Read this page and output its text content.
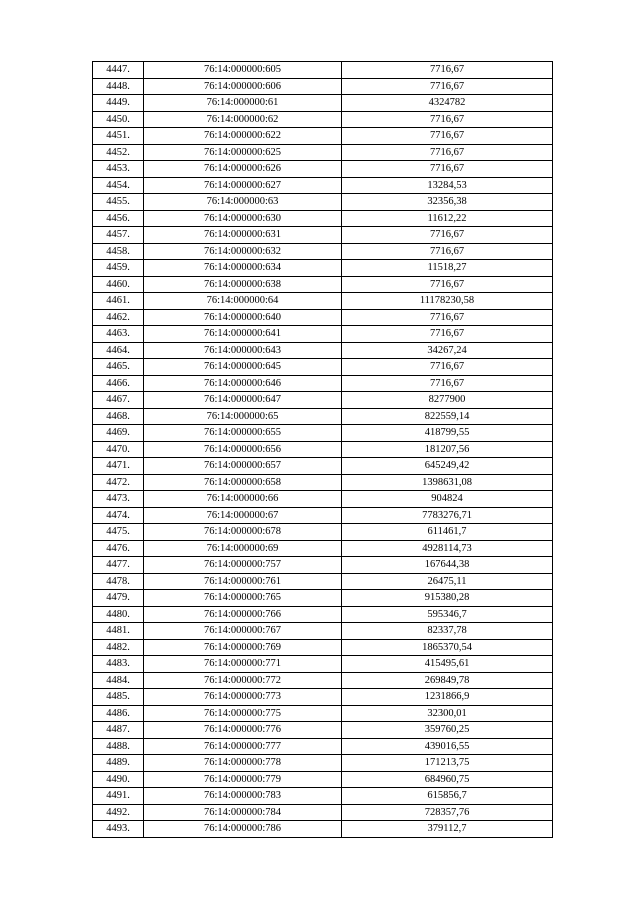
4447.	76:14:000000:605	7716,67
4448.	76:14:000000:606	7716,67
4449.	76:14:000000:61	4324782
4450.	76:14:000000:62	7716,67
4451.	76:14:000000:622	7716,67
4452.	76:14:000000:625	7716,67
4453.	76:14:000000:626	7716,67
4454.	76:14:000000:627	13284,53
4455.	76:14:000000:63	32356,38
4456.	76:14:000000:630	11612,22
4457.	76:14:000000:631	7716,67
4458.	76:14:000000:632	7716,67
4459.	76:14:000000:634	11518,27
4460.	76:14:000000:638	7716,67
4461.	76:14:000000:64	11178230,58
4462.	76:14:000000:640	7716,67
4463.	76:14:000000:641	7716,67
4464.	76:14:000000:643	34267,24
4465.	76:14:000000:645	7716,67
4466.	76:14:000000:646	7716,67
4467.	76:14:000000:647	8277900
4468.	76:14:000000:65	822559,14
4469.	76:14:000000:655	418799,55
4470.	76:14:000000:656	181207,56
4471.	76:14:000000:657	645249,42
4472.	76:14:000000:658	1398631,08
4473.	76:14:000000:66	904824
4474.	76:14:000000:67	7783276,71
4475.	76:14:000000:678	611461,7
4476.	76:14:000000:69	4928114,73
4477.	76:14:000000:757	167644,38
4478.	76:14:000000:761	26475,11
4479.	76:14:000000:765	915380,28
4480.	76:14:000000:766	595346,7
4481.	76:14:000000:767	82337,78
4482.	76:14:000000:769	1865370,54
4483.	76:14:000000:771	415495,61
4484.	76:14:000000:772	269849,78
4485.	76:14:000000:773	1231866,9
4486.	76:14:000000:775	32300,01
4487.	76:14:000000:776	359760,25
4488.	76:14:000000:777	439016,55
4489.	76:14:000000:778	171213,75
4490.	76:14:000000:779	684960,75
4491.	76:14:000000:783	615856,7
4492.	76:14:000000:784	728357,76
4493.	76:14:000000:786	379112,7
